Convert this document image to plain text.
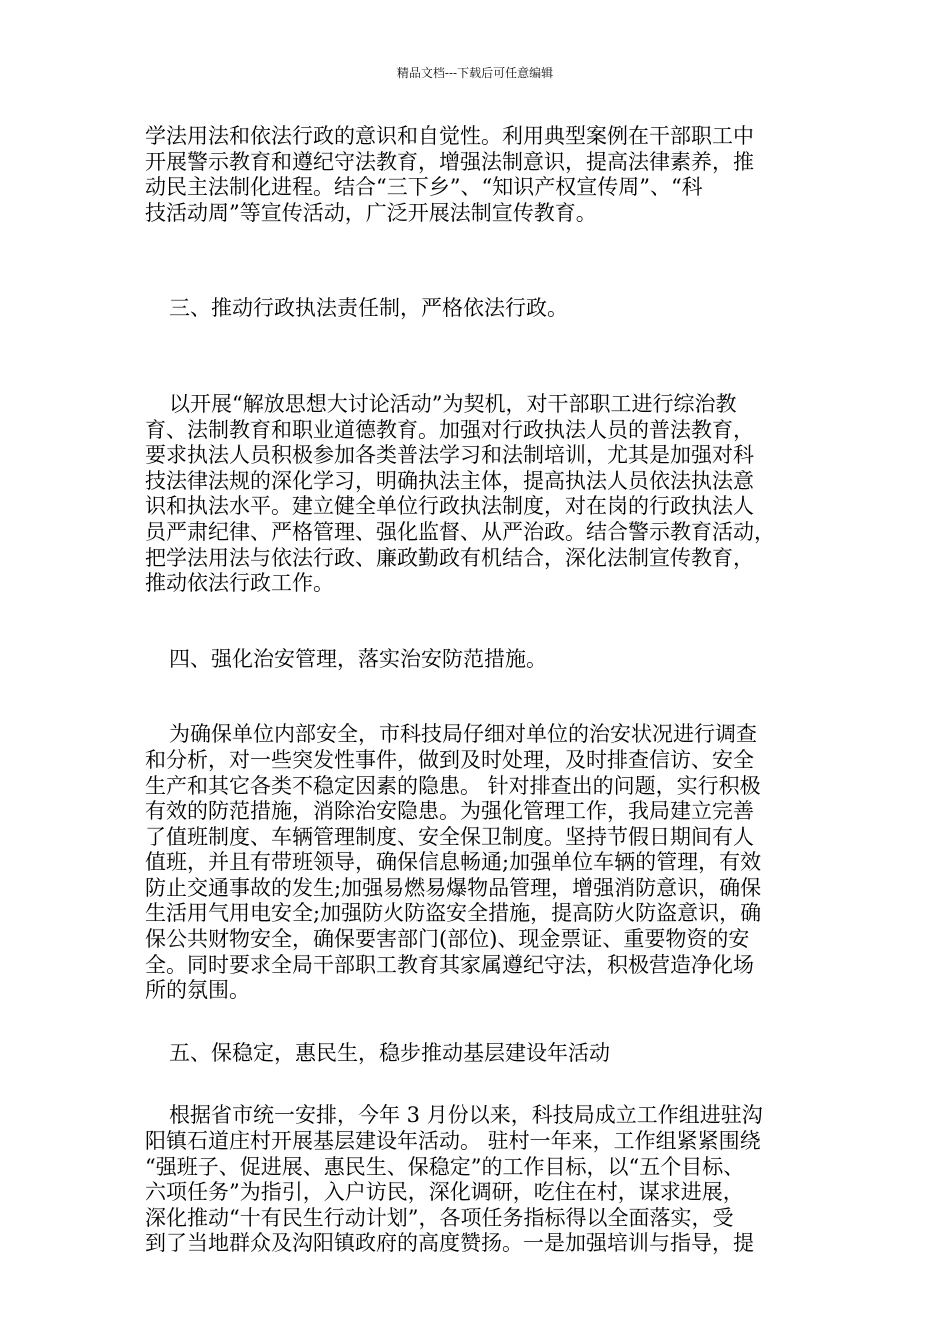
精品文档---下载后可任意编辑
学法用法和依法行政的意识和自觉性。利用典型案例在干部职工中
开展警示教育和遵纪守法教育，增强法制意识，提高法律素养，推
动民主法制化进程。结合“三下乡”、“知识产权宣传周”、“科
技活动周”等宣传活动，广泛开展法制宣传教育。
三、推动行政执法责任制，严格依法行政。
以开展“解放思想大讨论活动”为契机，对干部职工进行综治教
育、法制教育和职业道德教育。加强对行政执法人员的普法教育，
要求执法人员积极参加各类普法学习和法制培训，尤其是加强对科
技法律法规的深化学习，明确执法主体，提高执法人员依法执法意
识和执法水平。建立健全单位行政执法制度，对在岗的行政执法人
员严肃纪律、严格管理、强化监督、从严治政。结合警示教育活动，
把学法用法与依法行政、廉政勤政有机结合，深化法制宣传教育，
推动依法行政工作。
四、强化治安管理，落实治安防范措施。
为确保单位内部安全，市科技局仔细对单位的治安状况进行调查
和分析，对一些突发性事件，做到及时处理，及时排查信访、安全
生产和其它各类不稳定因素的隐患。 针对排查出的问题，实行积极
有效的防范措施，消除治安隐患。为强化管理工作，我局建立完善
了值班制度、车辆管理制度、安全保卫制度。坚持节假日期间有人
值班，并且有带班领导，确保信息畅通;加强单位车辆的管理，有效
防止交通事故的发生;加强易燃易爆物品管理，增强消防意识，确保
生活用气用电安全;加强防火防盗安全措施，提高防火防盗意识，确
保公共财物安全，确保要害部门(部位)、现金票证、重要物资的安
全。同时要求全局干部职工教育其家属遵纪守法，积极营造净化场
所的氛围。
五、保稳定，惠民生，稳步推动基层建设年活动
根据省市统一安排，今年 3 月份以来，科技局成立工作组进驻沟
阳镇石道庄村开展基层建设年活动。 驻村一年来，工作组紧紧围绕
“强班子、促进展、惠民生、保稳定”的工作目标，以“五个目标、
六项任务”为指引，入户访民，深化调研，吃住在村，谋求进展，
深化推动“十有民生行动计划”，各项任务指标得以全面落实，受
到了当地群众及沟阳镇政府的高度赞扬。一是加强培训与指导，提
